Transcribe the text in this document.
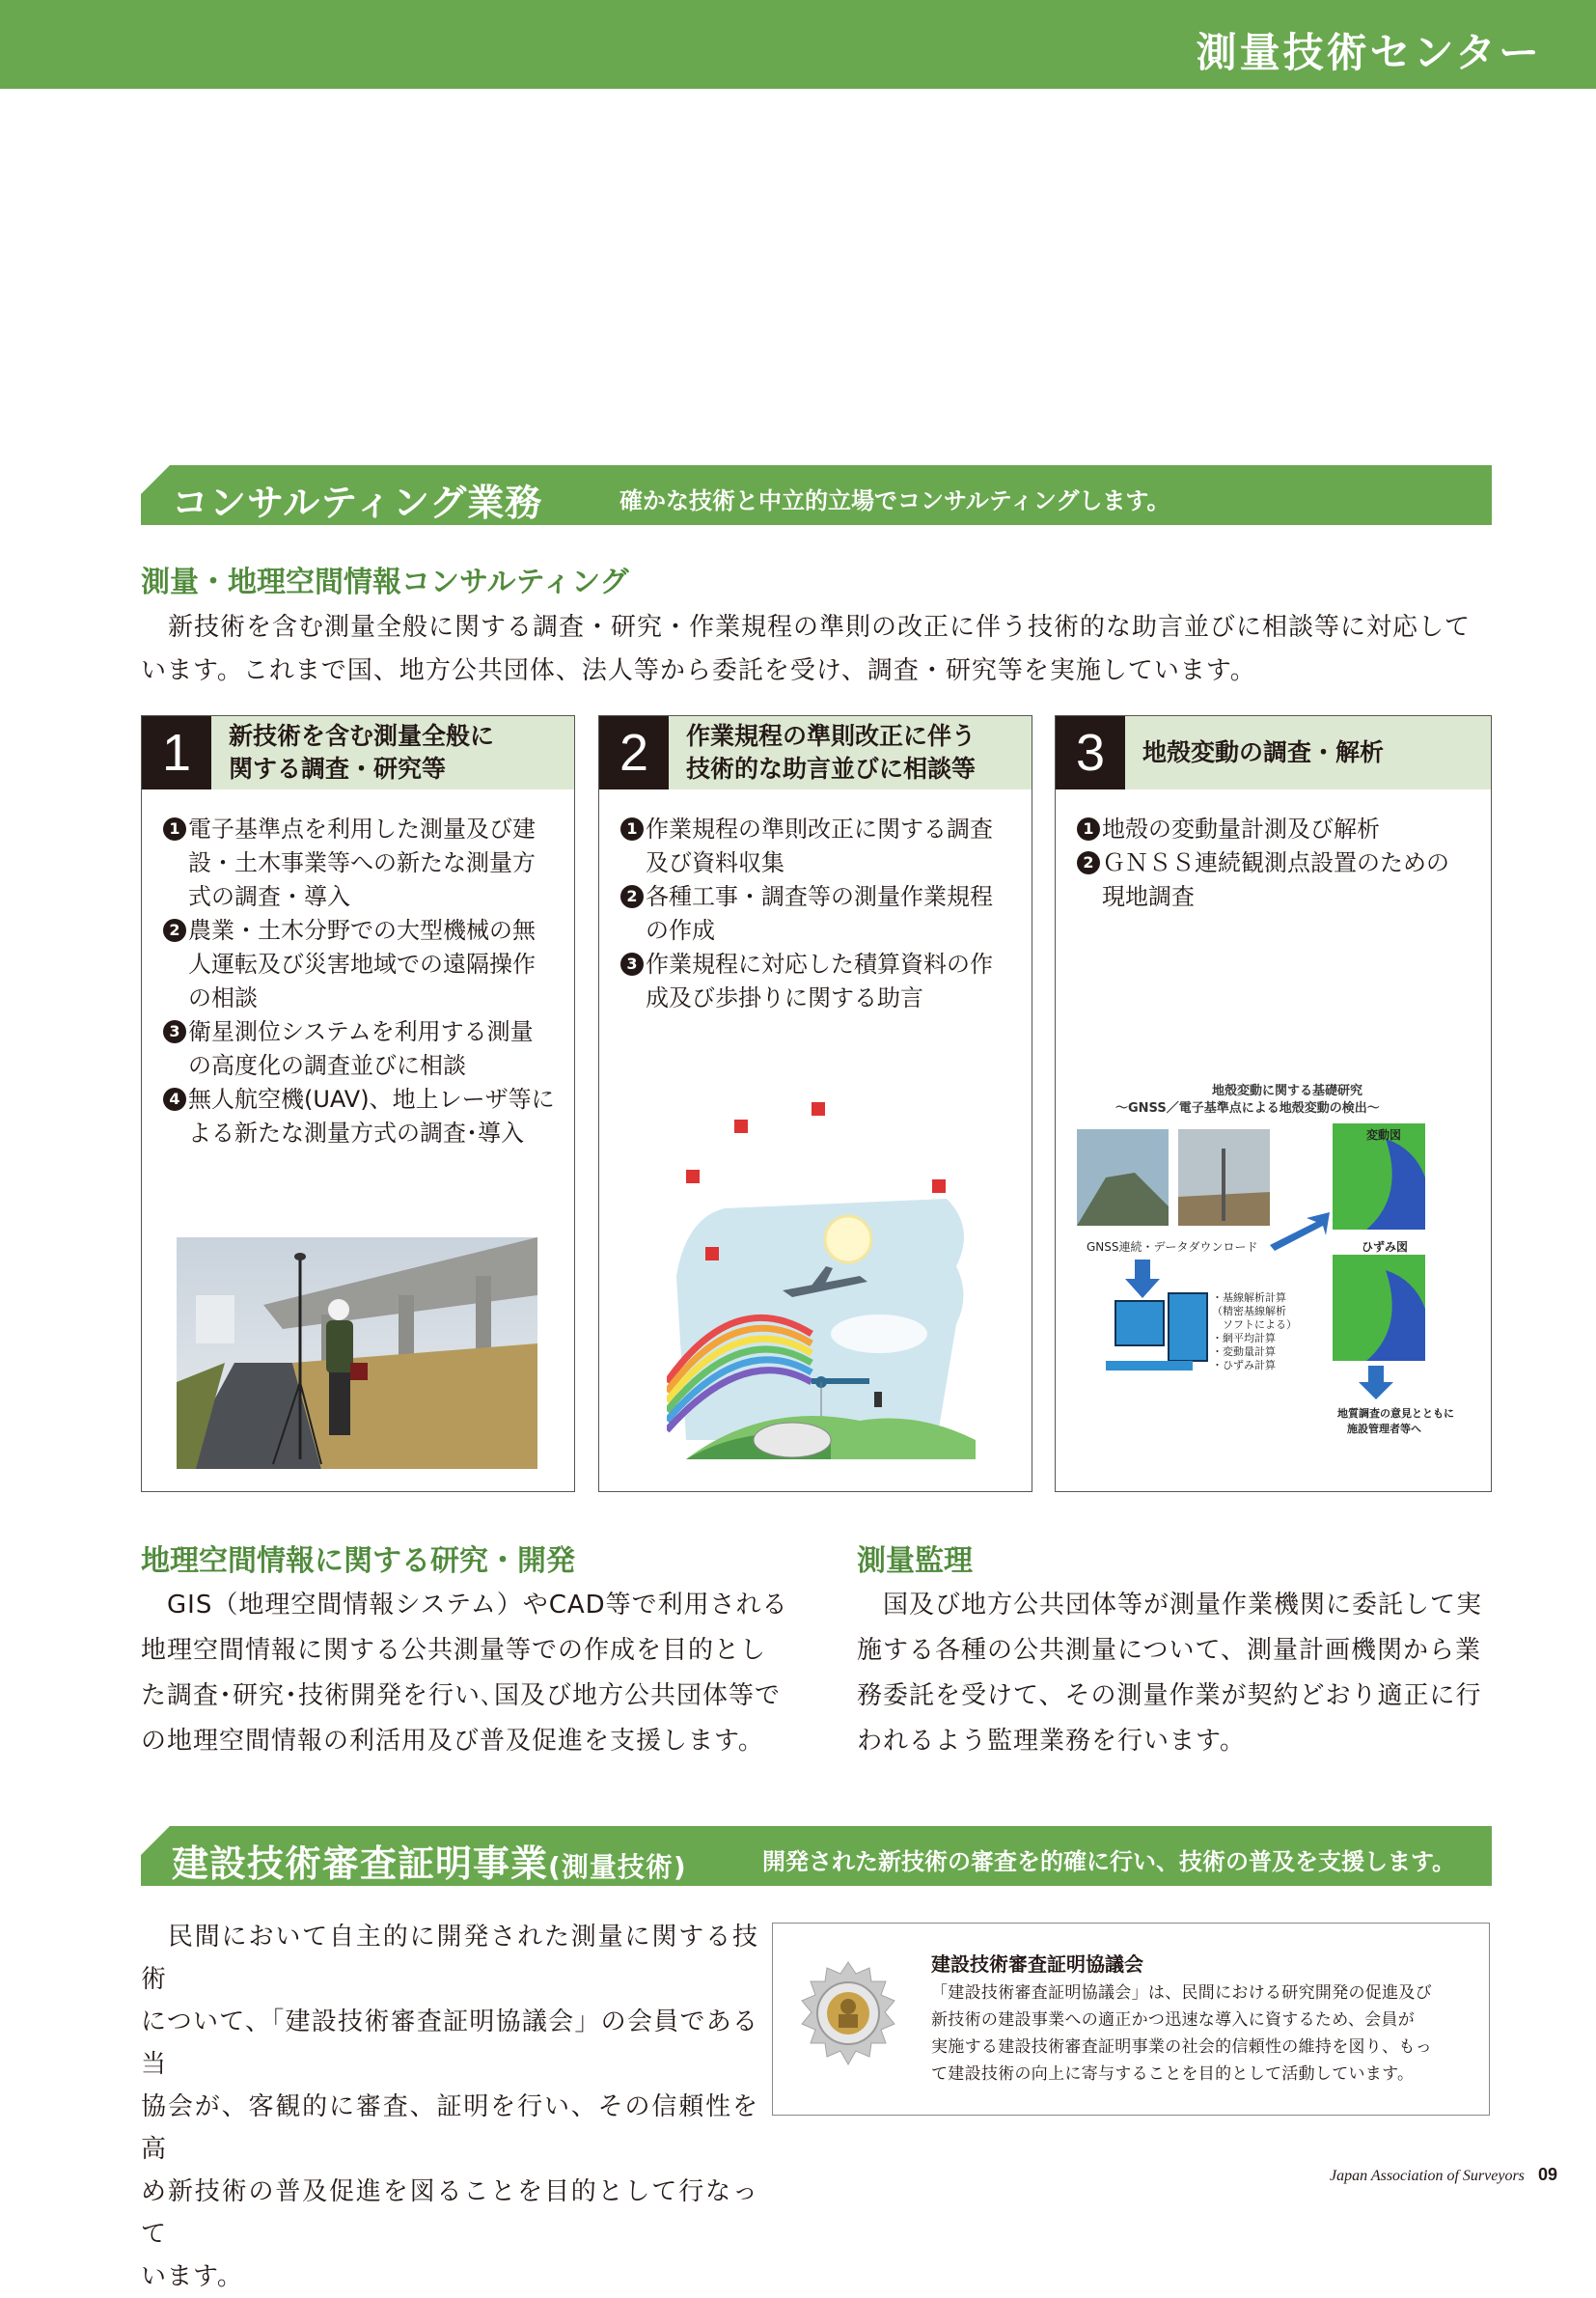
測量技術センター
コンサルティング業務	確かな技術と中立的立場でコンサルティングします。
測量・地理空間情報コンサルティング
新技術を含む測量全般に関する調査・研究・作業規程の準則の改正に伴う技術的な助言並びに相談等に対応して
います。これまで国、地方公共団体、法人等から委託を受け、調査・研究等を実施しています。
1	新技術を含む測量全般に
関する調査・研究等
1 電子基準点を利用した測量及び建
設・土木事業等への新たな測量方
式の調査・導入
2 農業・土木分野での大型機械の無
人運転及び災害地域での遠隔操作
の相談
3 衛星測位システムを利用する測量
の高度化の調査並びに相談
4 無人航空機(UAV)、地上レーザ等に
よる新たな測量方式の調査･導入
2	作業規程の準則改正に伴う
技術的な助言並びに相談等
1 作業規程の準則改正に関する調査
及び資料収集
2 各種工事・調査等の測量作業規程
の作成
3 作業規程に対応した積算資料の作
成及び歩掛りに関する助言
3	地殻変動の調査・解析
1 地殻の変動量計測及び解析
2 ＧＮＳＳ連続観測点設置のための
現地調査
地殻変動に関する基礎研究
〜GNSS／電子基準点による地殻変動の検出〜
変動図
ひずみ図
GNSS連続・データダウンロード
・基線解析計算
（精密基線解析
　ソフトによる）
・網平均計算
・変動量計算
・ひずみ計算
地質調査の意見とともに
施設管理者等へ
地理空間情報に関する研究・開発
　GIS（地理空間情報システム）やCAD等で利用される
地理空間情報に関する公共測量等での作成を目的とし
た調査･研究･技術開発を行い､国及び地方公共団体等で
の地理空間情報の利活用及び普及促進を支援します。
測量監理
　国及び地方公共団体等が測量作業機関に委託して実
施する各種の公共測量について、測量計画機関から業
務委託を受けて、その測量作業が契約どおり適正に行
われるよう監理業務を行います。
建設技術審査証明事業(測量技術)	開発された新技術の審査を的確に行い、技術の普及を支援します。
　民間において自主的に開発された測量に関する技術
について、「建設技術審査証明協議会」の会員である当
協会が、客観的に審査、証明を行い、その信頼性を高
め新技術の普及促進を図ることを目的として行なって
います。
建設技術審査証明協議会
「建設技術審査証明協議会」は、民間における研究開発の促進及び
新技術の建設事業への適正かつ迅速な導入に資するため、会員が
実施する建設技術審査証明事業の社会的信頼性の維持を図り、もっ
て建設技術の向上に寄与することを目的として活動しています。
Japan Association of Surveyors 09
